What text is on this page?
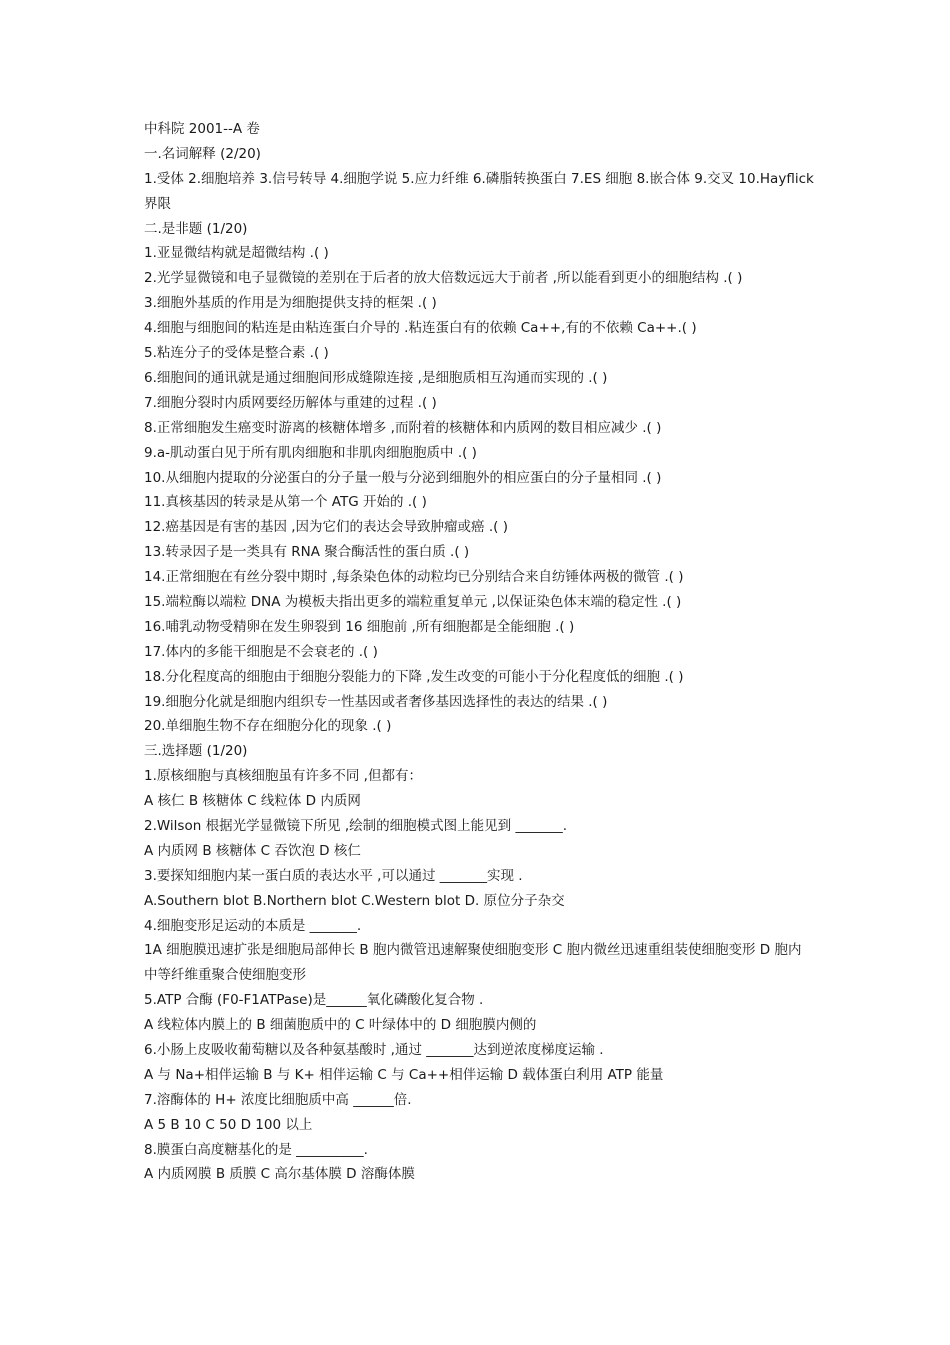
中科院 2001--A 卷
一.名词解释 (2/20)
1.受体 2.细胞培养 3.信号转导 4.细胞学说 5.应力纤维 6.磷脂转换蛋白 7.ES 细胞 8.嵌合体 9.交叉 10.Hayflick 界限
二.是非题 (1/20)
1.亚显微结构就是超微结构 .( )
2.光学显微镜和电子显微镜的差别在于后者的放大倍数远远大于前者 ,所以能看到更小的细胞结构 .( )
3.细胞外基质的作用是为细胞提供支持的框架 .( )
4.细胞与细胞间的粘连是由粘连蛋白介导的 .粘连蛋白有的依赖 Ca++,有的不依赖 Ca++.( )
5.粘连分子的受体是整合素 .( )
6.细胞间的通讯就是通过细胞间形成缝隙连接 ,是细胞质相互沟通而实现的 .( )
7.细胞分裂时内质网要经历解体与重建的过程 .( )
8.正常细胞发生癌变时游离的核糖体增多 ,而附着的核糖体和内质网的数目相应减少 .( )
9.a-肌动蛋白见于所有肌肉细胞和非肌肉细胞胞质中 .( )
10.从细胞内提取的分泌蛋白的分子量一般与分泌到细胞外的相应蛋白的分子量相同 .( )
11.真核基因的转录是从第一个 ATG 开始的 .( )
12.癌基因是有害的基因 ,因为它们的表达会导致肿瘤或癌 .( )
13.转录因子是一类具有 RNA 聚合酶活性的蛋白质 .( )
14.正常细胞在有丝分裂中期时 ,每条染色体的动粒均已分别结合来自纺锤体两极的微管 .( )
15.端粒酶以端粒 DNA 为模板夫指出更多的端粒重复单元 ,以保证染色体末端的稳定性 .( )
16.哺乳动物受精卵在发生卵裂到 16 细胞前 ,所有细胞都是全能细胞 .( )
17.体内的多能干细胞是不会衰老的 .( )
18.分化程度高的细胞由于细胞分裂能力的下降 ,发生改变的可能小于分化程度低的细胞 .( )
19.细胞分化就是细胞内组织专一性基因或者奢侈基因选择性的表达的结果 .( )
20.单细胞生物不存在细胞分化的现象 .( )
三.选择题 (1/20)
1.原核细胞与真核细胞虽有许多不同 ,但都有：
A 核仁 B 核糖体 C 线粒体 D 内质网
2.Wilson 根据光学显微镜下所见 ,绘制的细胞模式图上能见到 _______.
A 内质网 B 核糖体 C 吞饮泡 D 核仁
3.要探知细胞内某一蛋白质的表达水平 ,可以通过 _______实现 .
A.Southern blot B.Northern blot C.Western blot D. 原位分子杂交
4.细胞变形足运动的本质是 _______.
1A 细胞膜迅速扩张是细胞局部伸长 B 胞内微管迅速解聚使细胞变形 C 胞内微丝迅速重组装使细胞变形 D 胞内中等纤维重聚合使细胞变形
5.ATP 合酶 (F0-F1ATPase)是______氧化磷酸化复合物 .
A 线粒体内膜上的 B 细菌胞质中的 C 叶绿体中的 D 细胞膜内侧的
6.小肠上皮吸收葡萄糖以及各种氨基酸时 ,通过 _______达到逆浓度梯度运输 .
A 与 Na+相伴运输 B 与 K+ 相伴运输 C 与 Ca++相伴运输 D 载体蛋白利用 ATP 能量
7.溶酶体的 H+ 浓度比细胞质中高 ______倍.
A 5 B 10 C 50 D 100 以上
8.膜蛋白高度糖基化的是 __________.
A 内质网膜 B 质膜 C 高尔基体膜 D 溶酶体膜
